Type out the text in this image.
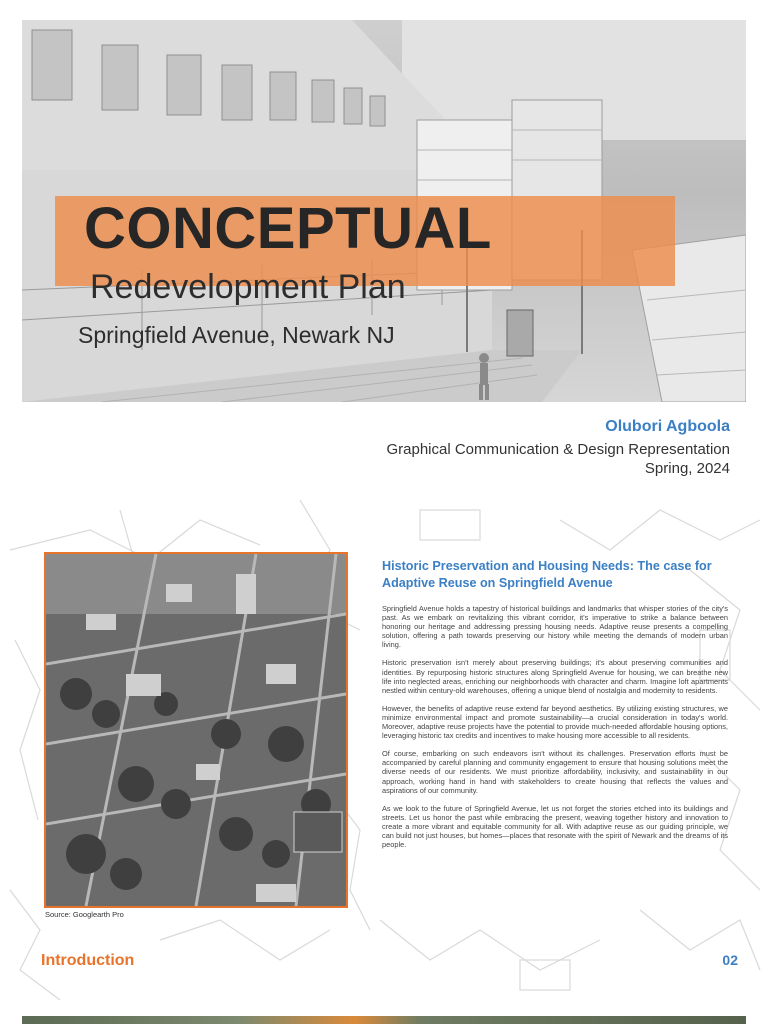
CONCEPTUAL
Redevelopment Plan
Springfield Avenue, Newark NJ
Olubori Agboola
Graphical Communication & Design Representation
Spring, 2024
Source: Googlearth Pro
Historic Preservation and Housing Needs: The case for Adaptive Reuse on Springfield Avenue

Springfield Avenue holds a tapestry of historical buildings and landmarks that whisper stories of the city's past. As we embark on revitalizing this vibrant corridor, it's imperative to strike a balance between honoring our heritage and addressing pressing housing needs. Adaptive reuse presents a compelling solution, offering a path towards preserving our history while meeting the demands of modern urban living.

Historic preservation isn't merely about preserving buildings; it's about preserving communities and identities. By repurposing historic structures along Springfield Avenue for housing, we can breathe new life into neglected areas, enriching our neighborhoods with character and charm. Imagine loft apartments nestled within century-old warehouses, offering a unique blend of nostalgia and modernity to residents.

However, the benefits of adaptive reuse extend far beyond aesthetics. By utilizing existing structures, we minimize environmental impact and promote sustainability—a crucial consideration in today's world. Moreover, adaptive reuse projects have the potential to provide much-needed affordable housing options, leveraging historic tax credits and incentives to make housing more accessible to all residents.

Of course, embarking on such endeavors isn't without its challenges. Preservation efforts must be accompanied by careful planning and community engagement to ensure that housing solutions meet the diverse needs of our residents. We must prioritize affordability, inclusivity, and sustainability in our approach, working hand in hand with stakeholders to create housing that reflects the values and aspirations of our community.

As we look to the future of Springfield Avenue, let us not forget the stories etched into its buildings and streets. Let us honor the past while embracing the present, weaving together history and innovation to create a more vibrant and equitable community for all. With adaptive reuse as our guiding principle, we can build not just houses, but homes—places that resonate with the spirit of Newark and the dreams of its people.

Introduction	02
